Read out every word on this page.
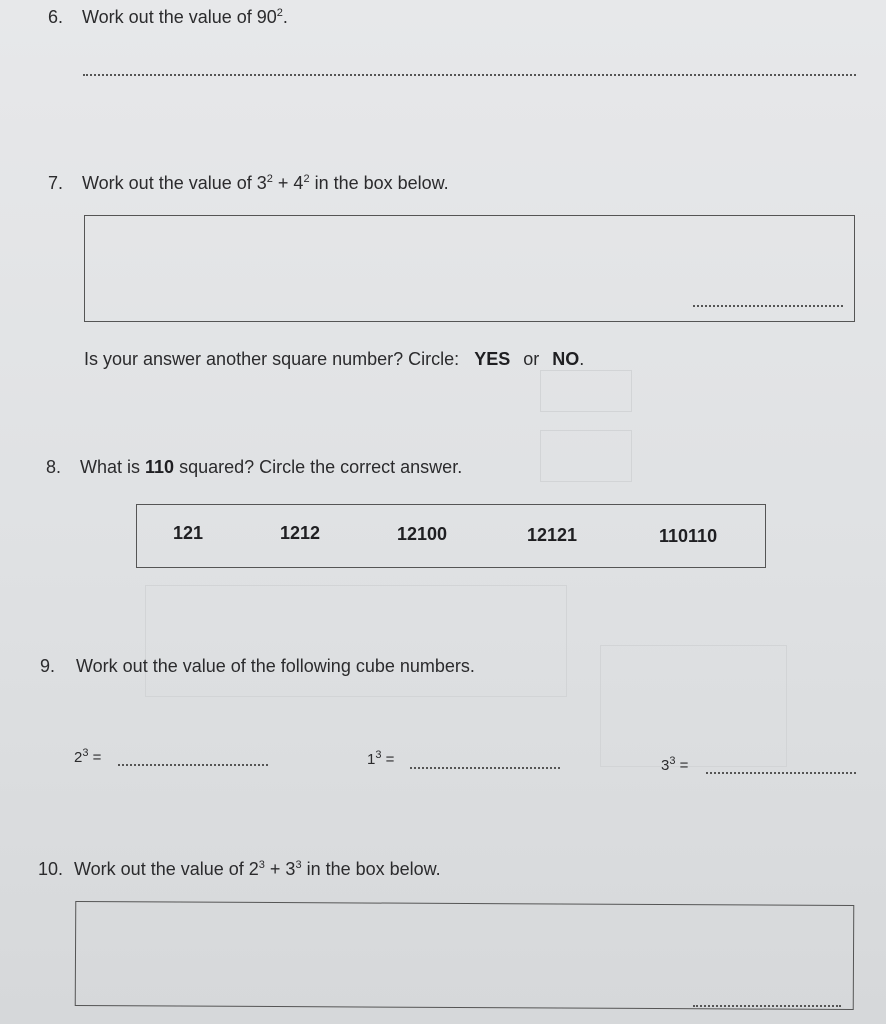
6. Work out the value of $90^2$.
7. Work out the value of $3^2 + 4^2$ in the box below.
Is your answer another square number? Circle: YES or NO.
8. What is 110 squared? Circle the correct answer.
121	1212	12100	12121	110110
9. Work out the value of the following cube numbers.
$2^3$ =	$1^3$ =	$3^3$ =
10. Work out the value of $2^3 + 3^3$ in the box below.
